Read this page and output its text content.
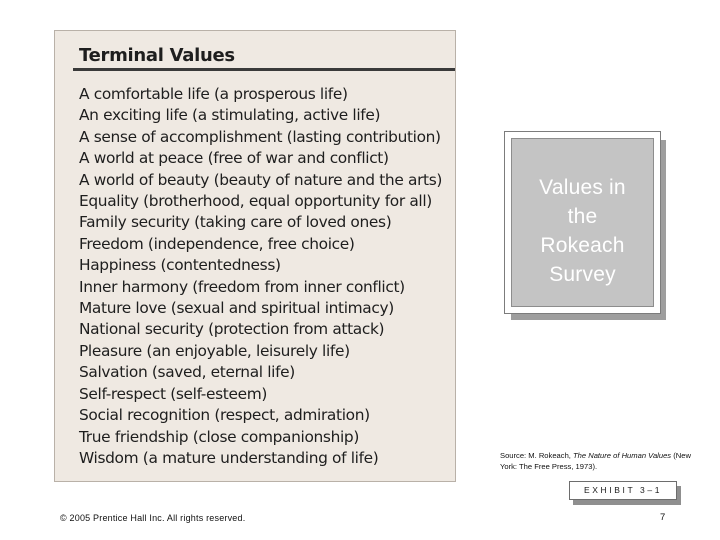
Terminal Values
A comfortable life (a prosperous life)
An exciting life (a stimulating, active life)
A sense of accomplishment (lasting contribution)
A world at peace (free of war and conflict)
A world of beauty (beauty of nature and the arts)
Equality (brotherhood, equal opportunity for all)
Family security (taking care of loved ones)
Freedom (independence, free choice)
Happiness (contentedness)
Inner harmony (freedom from inner conflict)
Mature love (sexual and spiritual intimacy)
National security (protection from attack)
Pleasure (an enjoyable, leisurely life)
Salvation (saved, eternal life)
Self-respect (self-esteem)
Social recognition (respect, admiration)
True friendship (close companionship)
Wisdom (a mature understanding of life)
Values in
the
Rokeach
Survey
Source: M. Rokeach, The Nature of Human Values (New York: The Free Press, 1973).
EXHIBIT 3–1
© 2005 Prentice Hall Inc. All rights reserved.	7
